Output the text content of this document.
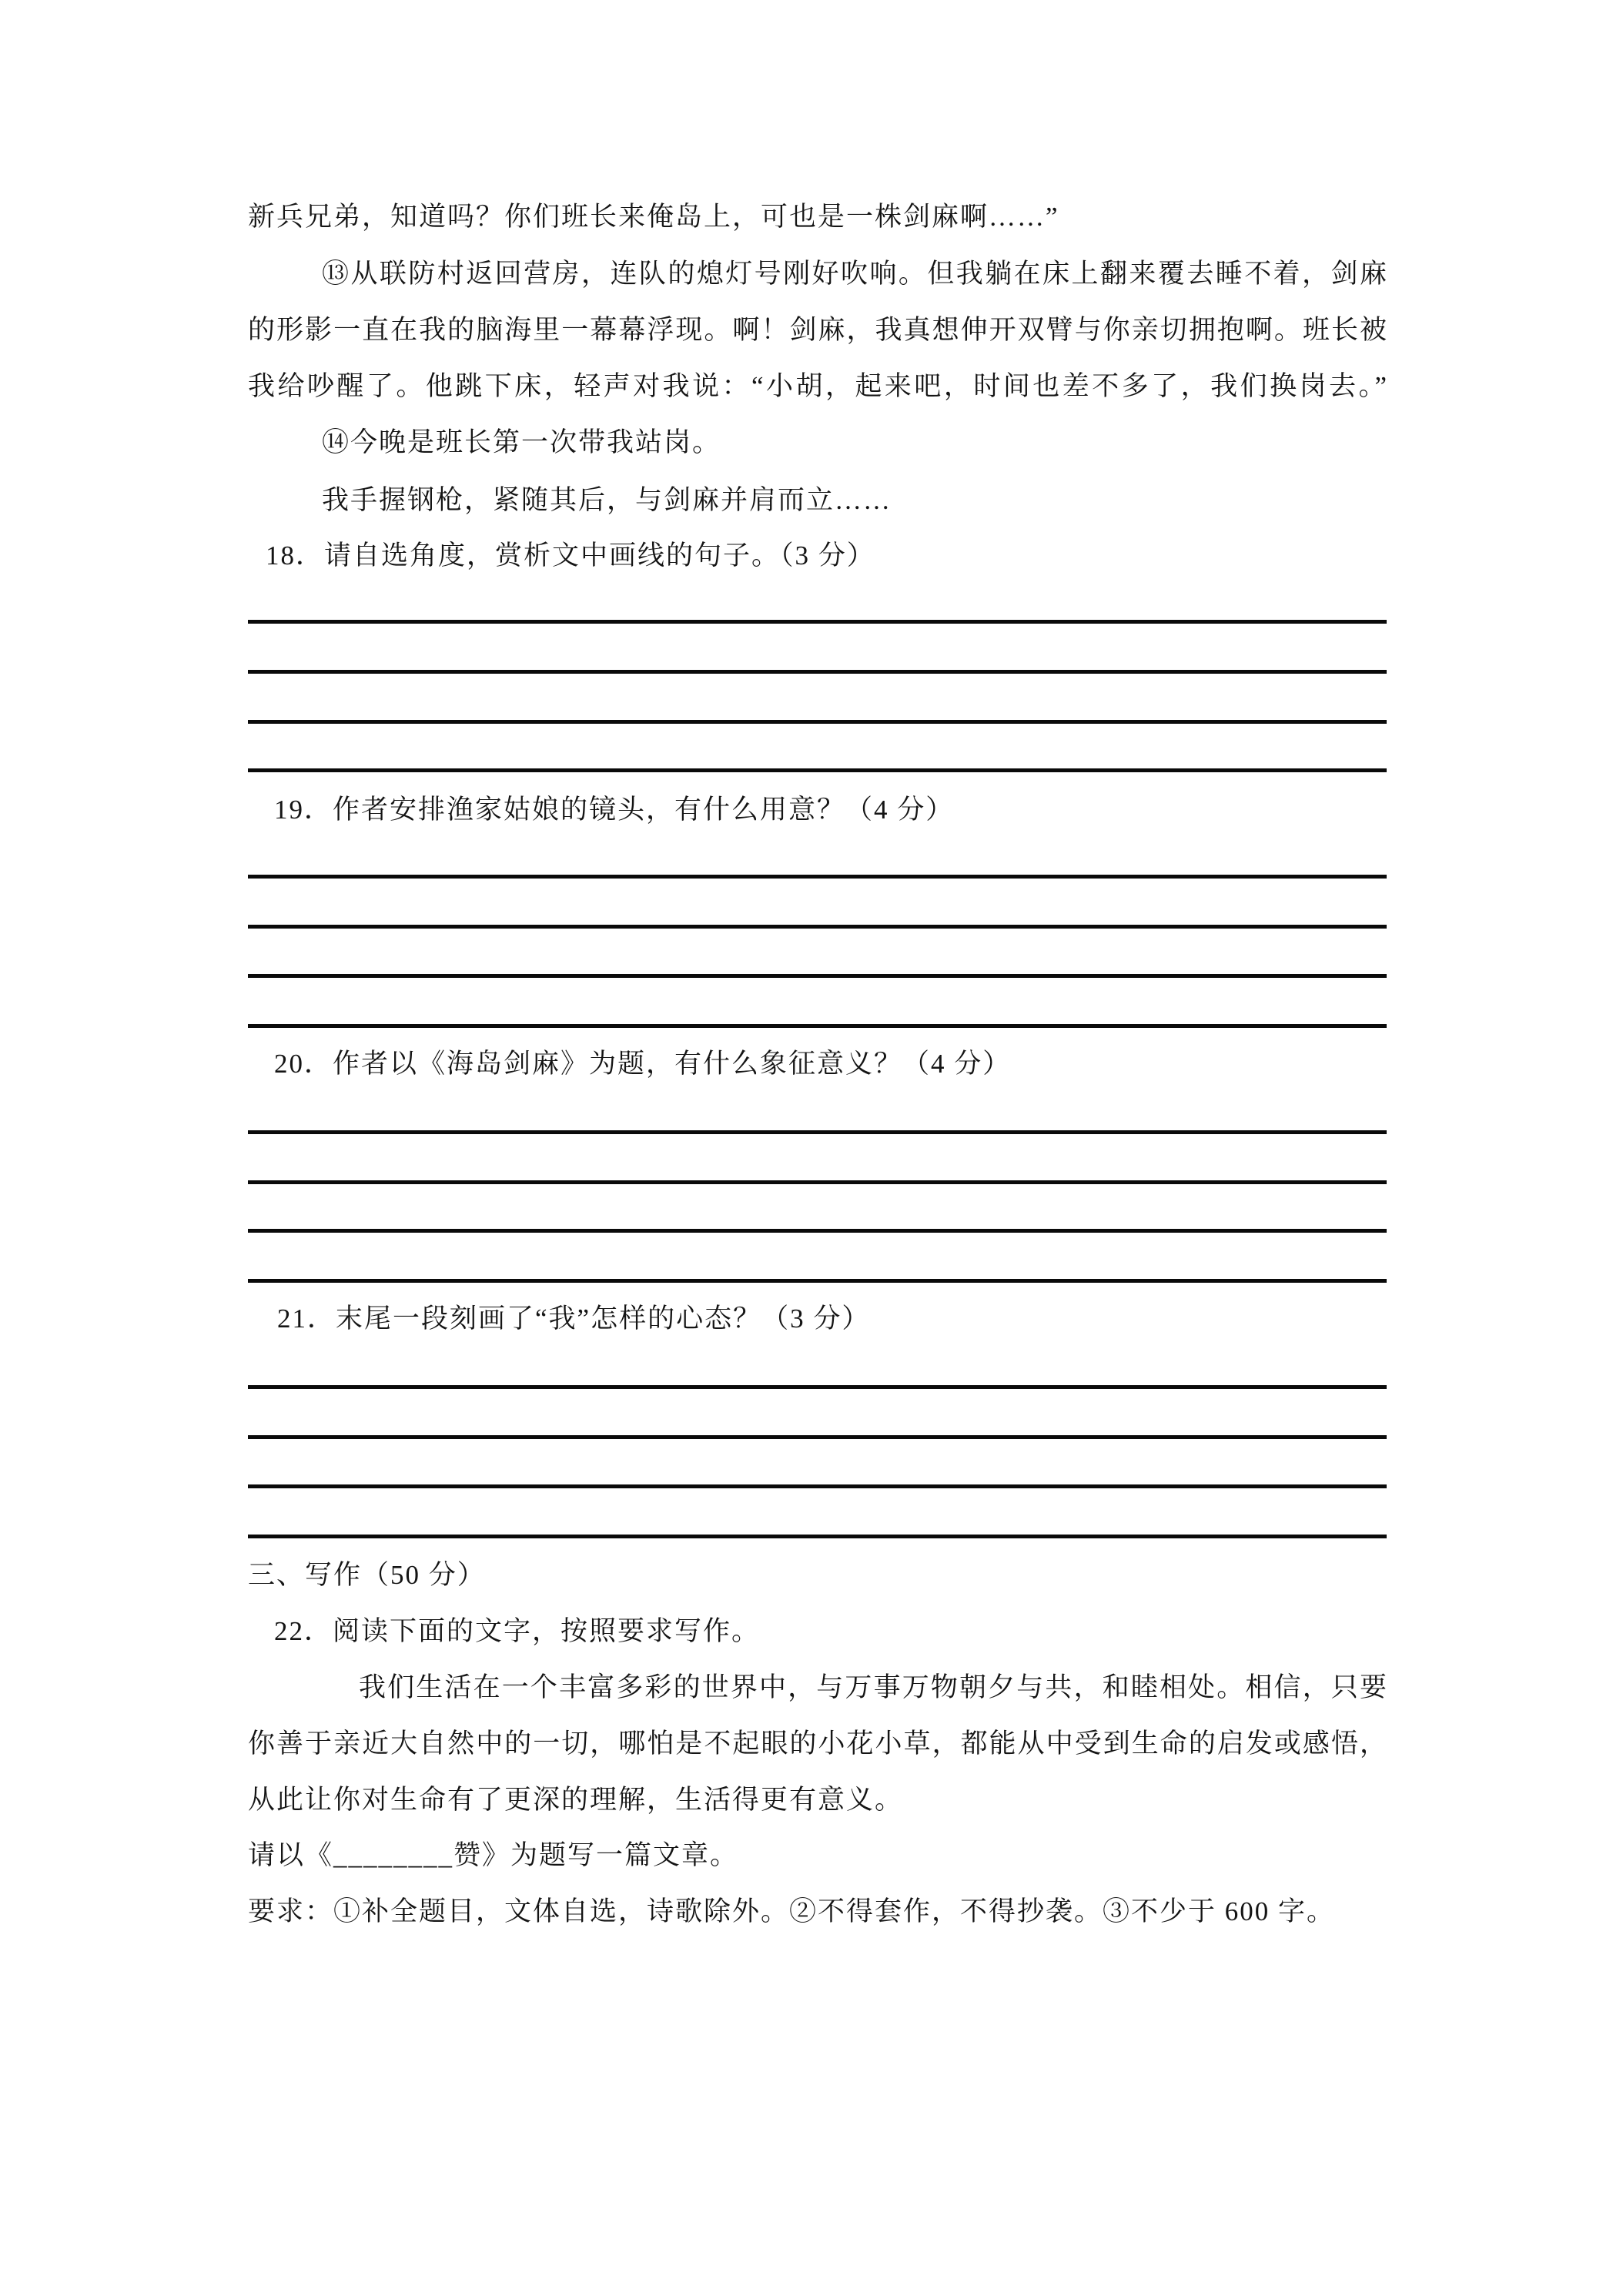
新兵兄弟，知道吗？你们班长来俺岛上，可也是一株剑麻啊……”
⑬从联防村返回营房，连队的熄灯号刚好吹响。但我躺在床上翻来覆去睡不着，剑麻
的形影一直在我的脑海里一幕幕浮现。啊！剑麻，我真想伸开双臂与你亲切拥抱啊。班长被
我给吵醒了。他跳下床，轻声对我说：“小胡，起来吧，时间也差不多了，我们换岗去。”
⑭今晚是班长第一次带我站岗。
我手握钢枪，紧随其后，与剑麻并肩而立……
18．请自选角度，赏析文中画线的句子。（3 分）
19．作者安排渔家姑娘的镜头，有什么用意？（4 分）
20．作者以《海岛剑麻》为题，有什么象征意义？（4 分）
21．末尾一段刻画了“我”怎样的心态？（3 分）
三、写作（50 分）
22．阅读下面的文字，按照要求写作。
我们生活在一个丰富多彩的世界中，与万事万物朝夕与共，和睦相处。相信，只要
你善于亲近大自然中的一切，哪怕是不起眼的小花小草，都能从中受到生命的启发或感悟，
从此让你对生命有了更深的理解，生活得更有意义。
请以《________赞》为题写一篇文章。
要求：①补全题目，文体自选，诗歌除外。②不得套作，不得抄袭。③不少于 600 字。
